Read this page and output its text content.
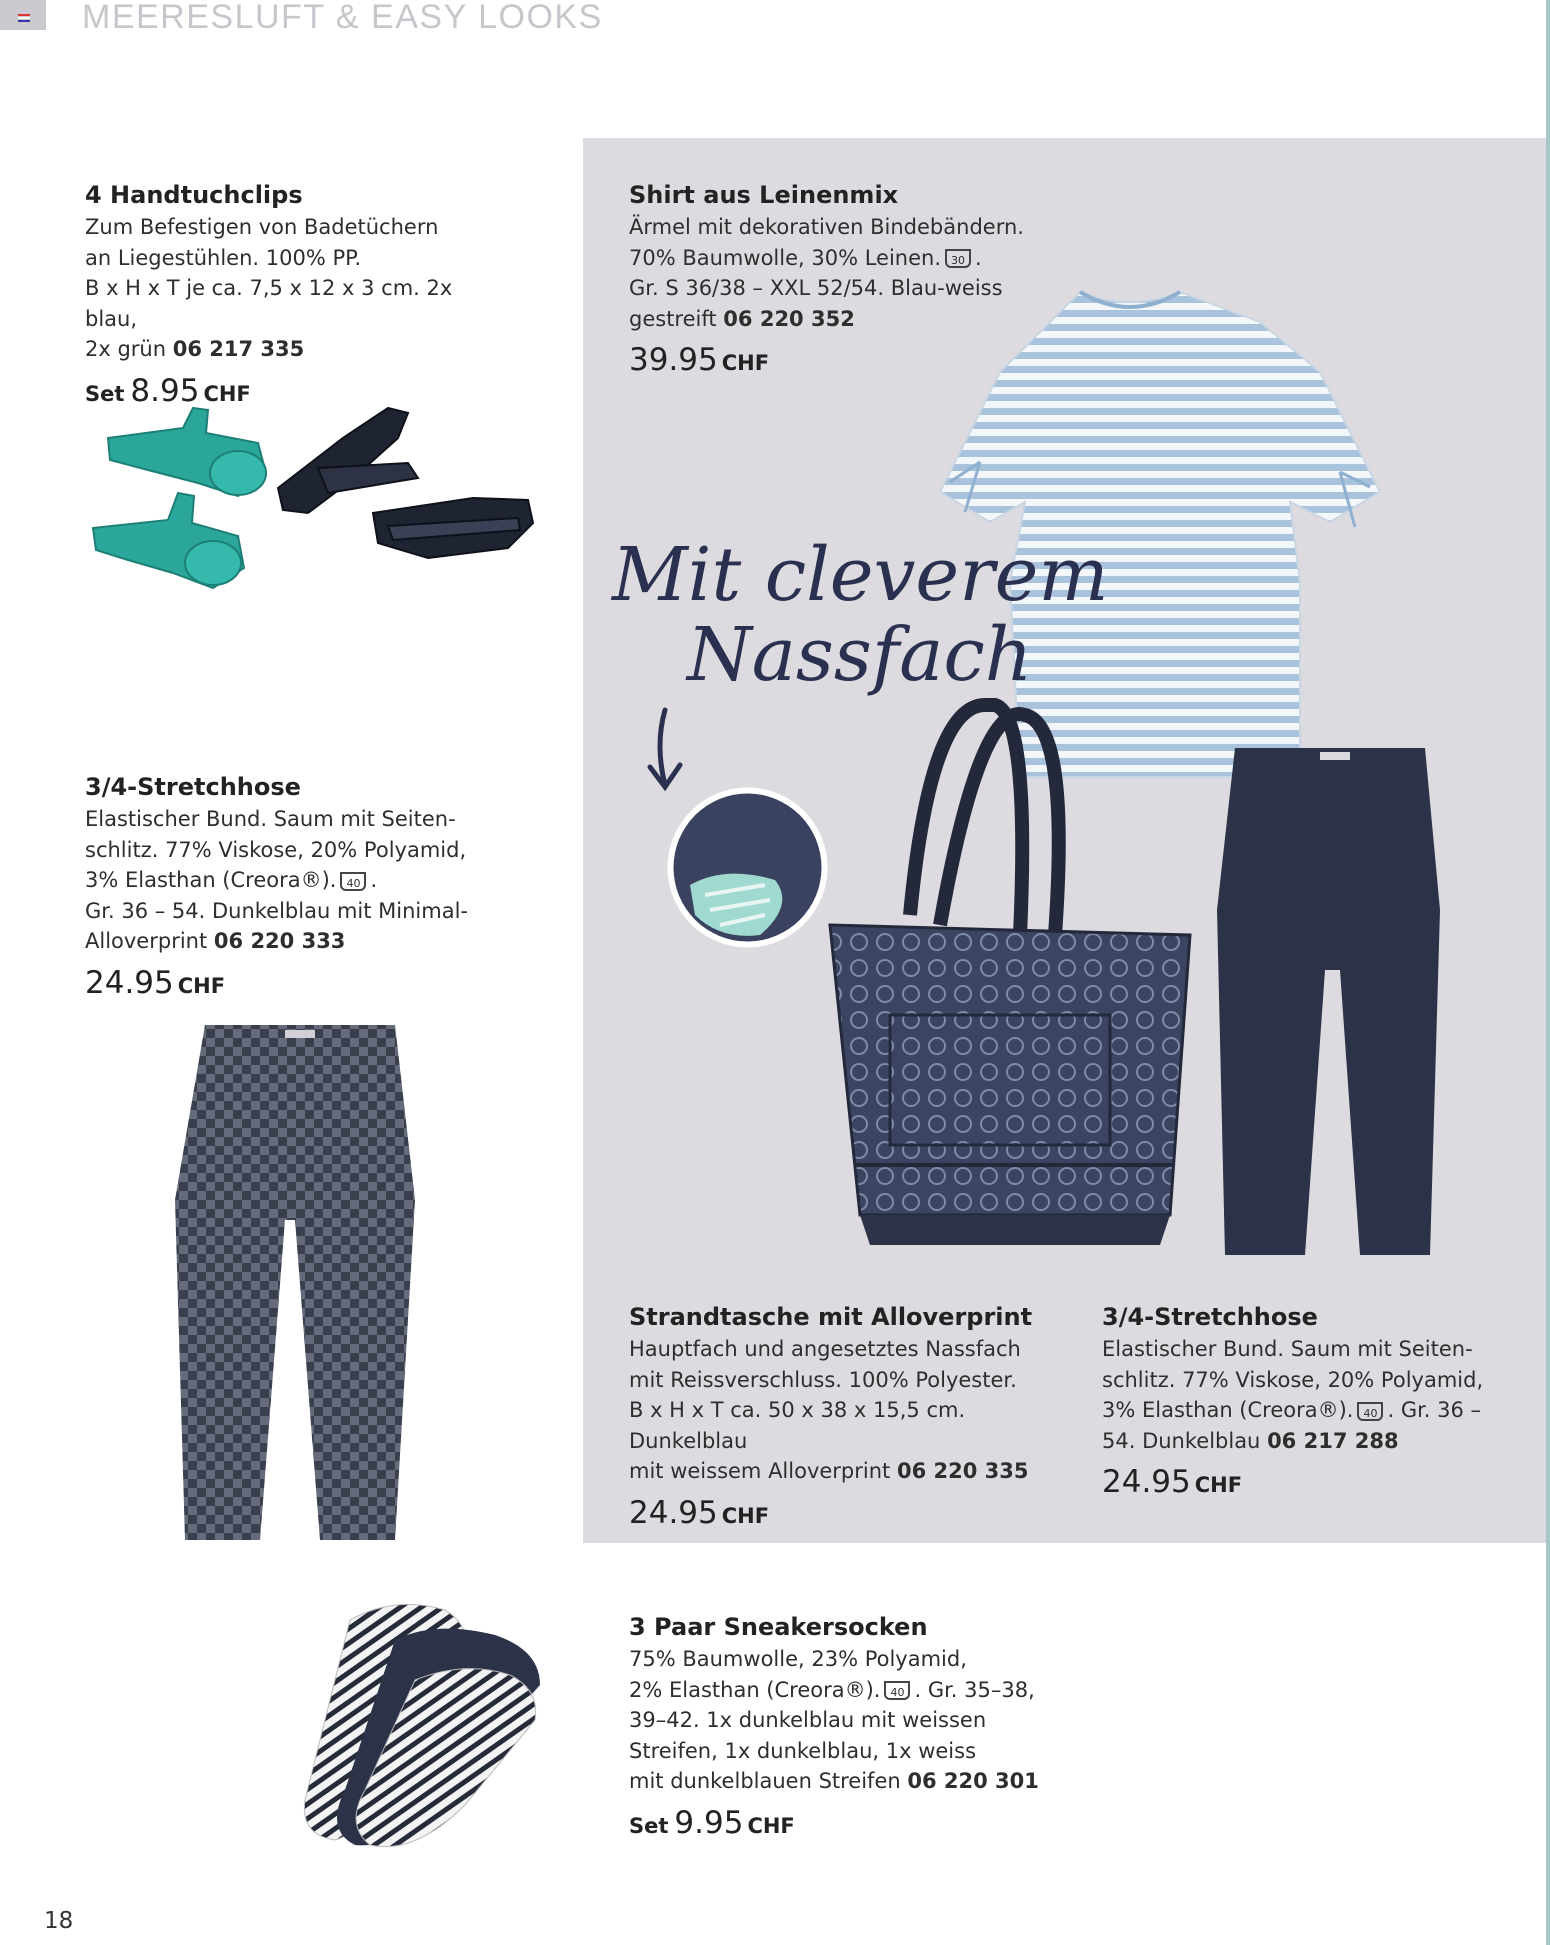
MEERESLUFT & EASY LOOKS
4 Handtuchclips
Zum Befestigen von Badetüchern
an Liegestühlen. 100% PP.
B x H x T je ca. 7,5 x 12 x 3 cm. 2x blau,
2x grün 06 217 335
Set 8.95 CHF
Shirt aus Leinenmix
Ärmel mit dekorativen Bindebändern.
70% Baumwolle, 30% Leinen. 30 .
Gr. S 36/38 – XXL 52/54. Blau-weiss
gestreift 06 220 352
39.95 CHF
Mit cleverem
Nassfach
3/4-Stretchhose
Elastischer Bund. Saum mit Seiten-
schlitz. 77% Viskose, 20% Polyamid,
3% Elasthan (Creora®). 40 .
Gr. 36 – 54. Dunkelblau mit Minimal-
Alloverprint 06 220 333
24.95 CHF
Strandtasche mit Alloverprint
Hauptfach und angesetztes Nassfach
mit Reissverschluss. 100% Polyester.
B x H x T ca. 50 x 38 x 15,5 cm. Dunkelblau
mit weissem Alloverprint 06 220 335
24.95 CHF
3/4-Stretchhose
Elastischer Bund. Saum mit Seiten-
schlitz. 77% Viskose, 20% Polyamid,
3% Elasthan (Creora®). 40 . Gr. 36 –
54. Dunkelblau 06 217 288
24.95 CHF
3 Paar Sneakersocken
75% Baumwolle, 23% Polyamid,
2% Elasthan (Creora®). 40 . Gr. 35–38,
39–42. 1x dunkelblau mit weissen
Streifen, 1x dunkelblau, 1x weiss
mit dunkelblauen Streifen 06 220 301
Set 9.95 CHF
18
